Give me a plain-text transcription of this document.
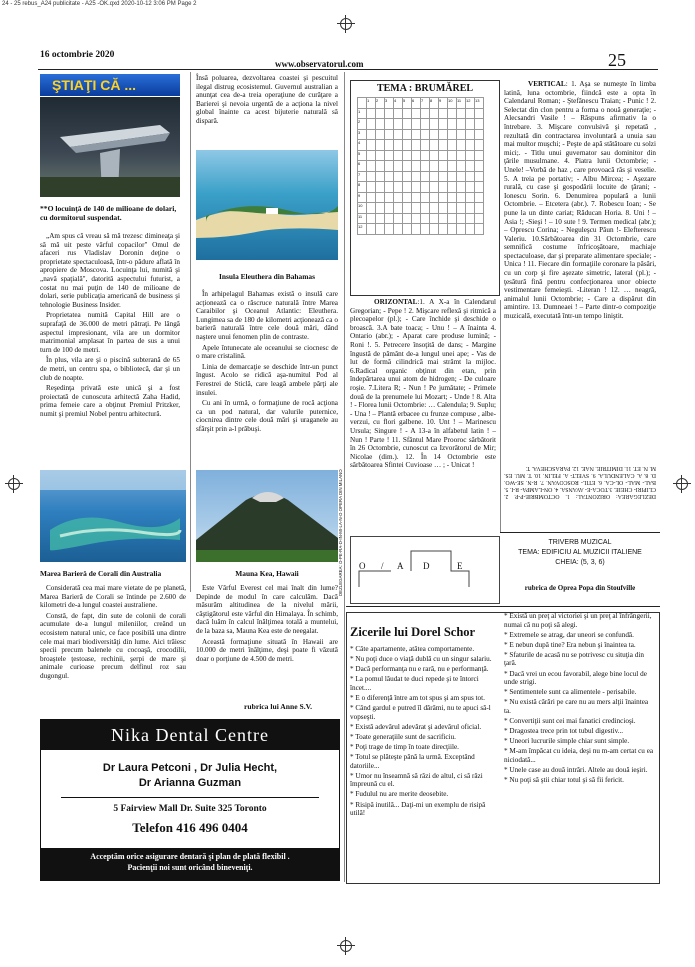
24 - 25 rebus_A24 publicitate - A25 -OK.qxd 2020-10-12 3:06 PM Page 2
16 octombrie 2020
www.observatorul.com	25
ŞTIAŢI CĂ ...
**O locuinţă de 140 de milioane de dolari, cu dormitorul suspendat.

„Am spus că vreau să mă trezesc dimineaţa şi să mă uit peste vârful copacilor" Omul de afaceri rus Vladislav Doronin deţine o proprietate spectaculoasă, într-o pădure aflată în apropiere de Moscova. Locuinţa lui, numită şi „navă spaţială", datorită aspectului futurist, a costat nu mai puţin de 140 de milioane de dolari, serie publicaţia americană de business şi tehnologie Business Insider.

Proprietatea numită Capital Hill are o suprafaţă de 36.000 de metri pătraţi. Pe lângă aspectul impresionant, vila are un dormitor matrimonial amplasat în partea de sus a unui turn de 100 de metri.

În plus, vila are şi o piscină subterană de 65 de metri, un centru spa, o bibliotecă, dar şi un club de noapte.

Reşedinţa privată este unică şi a fost proiectată de cunoscuta arhitectă Zaha Hadid, prima femeie care a obţinut Premiul Pritzker, numit şi premiul Nobel pentru arhitectură.

Însă poluarea, dezvoltarea coastei şi pescuitul ilegal distrug ecosistemul. Guvernul australian a anunţat cea de-a treia operaţiune de curăţare a Barierei şi nevoia urgentă de a acţiona la nivel global înainte ca acest bijuterie naturală să dispară.
Insula Eleuthera din Bahamas

În arhipelagul Bahamas există o insulă care acţionează ca o răscruce naturală între Marea Caraibilor şi Oceanul Atlantic: Eleuthera. Lungimea sa de 180 de kilometri acţionează ca o barieră naturală între cele două mări, dând naştere unui fenomen plin de contraste.

Apele întunecate ale oceanului se ciocnesc de o mare cristalină.

Linia de demarcaţie se deschide într-un punct îngust. Acolo se ridică aşa-numitul Pod al Ferestrei de Sticlă, care leagă ambele părţi ale insulei.

Cu ani în urmă, o formaţiune de rocă acţiona ca un pod natural, dar valurile puternice, ciocnirea dintre cele două mări şi uraganele au sfârşit prin a-l prăbuşi.

TEMA : BRUMĂREL
	1	2	3	4	5	6	7	8	9	10	11	12	13
1													
2													
3													
4													
5													
6													
7													
8													
9													
10													
11													
12													
ORIZONTAL:1. A X-a în Calendarul Gregorian; - Pepe ! 2. Mişcare reflexă şi ritmică a plecoapelor (pl.); - Care închide şi deschide o broască. 3.A bate toaca; - Unu ! – A înainta 4. Ontario (abr.); - Aparat care produse lumină; - Roni !. 5. Petrecere însoţită de dans; - Margine îngustă de pământ de-a lungul unei ape; - Vas de lut de formă cilindrică mai strâmt la mijloc. 6.Radical organic obţinut din etan, prin îndepărtarea unui atom de hidrogen; - De culoare roşie. 7.Litera R; - Nun ! Pe jumătate; - Primele două de la prenumele lui Mozart; - Unde ! 8. Alta ! - Florea lunii Octombrie: … Calendula; 9. Suplu; - Una ! – Plantă erbacee cu frunze compuse , albe-verzui, cu flori galbene. 10. Unt ! – Marinescu Ursula; Singure ! - A 13-a în alfabetul latin ! – Nun ! Parte ! 11. Sfântul Mare Prooroc sărbătorit în 26 Octombrie, cunoscut ca Izvorâtorul de Mir; Nicolae (dim.). 12. În 14 Octombrie este sărbătoarea Sfintei Cuvioase … ; - Unicat !
VERTICAL: 1. Aşa se numeşte în limba latină, luna octombrie, fiindcă este a opta în Calendarul Roman; - Ştefănescu Traian; - Punic ! 2. Selectat din clon pentru a forma o nouă generaţie; - Alecsandri Vasile ! – Răspuns afirmativ la o întrebare. 3. Mişcare convulsivă şi repetată , rezultată din contractarea involuntară a unuia sau mai multor muşchi; - Peşte de apă stătătoare cu solzi mici;. - Titlu unui guvernator sau dominitor din ţările musulmane. 4. Piatra lunii Octombrie; - Unele! –Vorbă de haz , care provoacă râs şi veselie. 5. A treia pe portativ; - Albu Mircea; - Aşezare rurală, cu case şi gospodării locuite de ţărani; - Ionescu Sorin. 6. Denumirea populară a lunii Octombrie. – Etcetera (abr.). 7. Robescu Ioan; - Se pune la un dinte cariat; Răducan Horia. 8. Uni ! – Asia !; -Sieşi ! – 10 sute ! 9. Termen medical (abr.); – Oprescu Corina; - Neguleşcu Păun !- Elefterescu Valeriu. 10.Sărbătoarea din 31 Octombrie, care semnifică costume înfricoşătoare, machiaje spectaculoase, dar şi preparate alimentare speciale; - Unica ! 11. Fiecare din formaţiile coronare la păsări, cu un corp şi fire aşezate simetric, lateral (pl.); - ţesătură fină pentru confecţionarea unor obiecte vestimentare femeieşti. -Literan ! 12. … neagră, animalul lunii Octombrie; - Care a dispărut din amintire. 13. Dumneaei ! – Parte dintr-o compoziţie muzicală, executată într-un tempo liniştit.
DEZLEGAREA: ORIZONTAL: 1. OCTOMBRIE-P-P. 2. CLIPIRI- CHEIE. 3.TOCA-E- AVANSA. 4. ON-LAMPA- R-I. 5. BAL- MAL- OL-CA. 6. ETIL- ROSCOVAN. 7. R-N. SE-WO. D. 8. A. CALENDULA. 9. SVELT- A. FELIN. 10. T. MU. ES. M. N. ET. 11. DIMITRIE. NAE. 12. PARASCHEVA. T.
O / A D	E
DEZLEGAREA: O-PE-RA-D-IN-MI-LA-N-O OPERA DIN MILANO	TRIVERB MUZICAL
TEMA: EDIFICIU AL MUZICII ITALIENE
CHEIA: (5, 3, 6)
rubrica de Oprea Popa din Stoufville
Marea Barieră de Corali din Australia	Mauna Kea, Hawaii

Considerată cea mai mare vietate de pe planetă, Marea Barieră de Corali se întinde pe 2.600 de kilometri de-a lungul coastei australiene.

Constă, de fapt, din sute de colonii de corali acumulate de-a lungul mileniilor, creând un ecosistem natural unic, ce face posibilă una dintre cele mai mari biodiversităţi din lume. Aici trăiesc specii precum balenele cu cocoaşă, crocodilii, broaştele ţestoase, rechinii, şerpi de mare şi animale curioase precum delfinul roz sau dugongul.

Este Vârful Everest cel mai înalt din lume? Depinde de modul în care calculăm. Dacă măsurăm altitudinea de la nivelul mării, câştigătorul este vârful din Himalaya. În schimb, dacă luăm în calcul înălţimea totală a muntelui, de la baza sa, Mauna Kea este de neegalat.

Această formaţiune situată în Hawaii are 10.000 de metri înălţime, deşi poate fi văzută doar o porţiune de 4.500 de metri.

rubrica lui Anne S.V.
Nika Dental Centre
Dr Laura Petconi , Dr Julia Hecht,
Dr Arianna Guzman
5 Fairview Mall Dr. Suite 325 Toronto
Telefon 416 496 0404
Acceptăm orice asigurare dentară şi plan de plată flexibil .
Pacienţii noi sunt oricând bineveniţi.
Zicerile lui Dorel Schor
* Câte apartamente, atâtea comportamente.
* Nu poţi duce o viaţă dublă cu un singur salariu.
* Dacă performanţa nu e rară, nu e performanţă.
* La pomul lăudat te duci repede şi te întorci încet....
* E o diferenţă între am tot spus şi am spus tot.
* Când gardul e putred îl dărâmi, nu te apuci să-l vopseşti.
* Există adevărul adevărat şi adevărul oficial.
* Toate generaţiile sunt de sacrificiu.
* Poţi trage de timp în toate direcţiile.
* Totul se plăteşte până la urmă. Exceptând datoriile...
* Umor nu înseamnă să râzi de altul, ci să râzi împreună cu el.
* Fudulul nu are merite deosebite.
* Risipă inutilă... Daţi-mi un exemplu de risipă utilă!
* Există un preţ al victoriei şi un preţ al înfrângerii, numai că nu poţi să alegi.
* Extremele se atrag, dar uneori se confundă.
* E nebun după tine? Era nebun şi înaintea ta.
* Sfaturile de acasă nu se potrivesc cu situţia din ţară.
* Dacă vrei un ecou favorabil, alege bine locul de unde strigi.
* Sentimentele sunt ca alimentele - perisabile.
* Nu există cărări pe care nu au mers alţii înaintea ta.
* Convertiţii sunt cei mai fanatici credincioşi.
* Dragostea trece prin tot tubul digestiv...
* Uneori lucrurile simple chiar sunt simple.
* M-am împăcat cu ideia, deşi nu m-am certat cu ea niciodată...
* Unele case au două intrări. Altele au două ieşiri.
* Nu poţi să ştii chiar totul şi să fii fericit.
